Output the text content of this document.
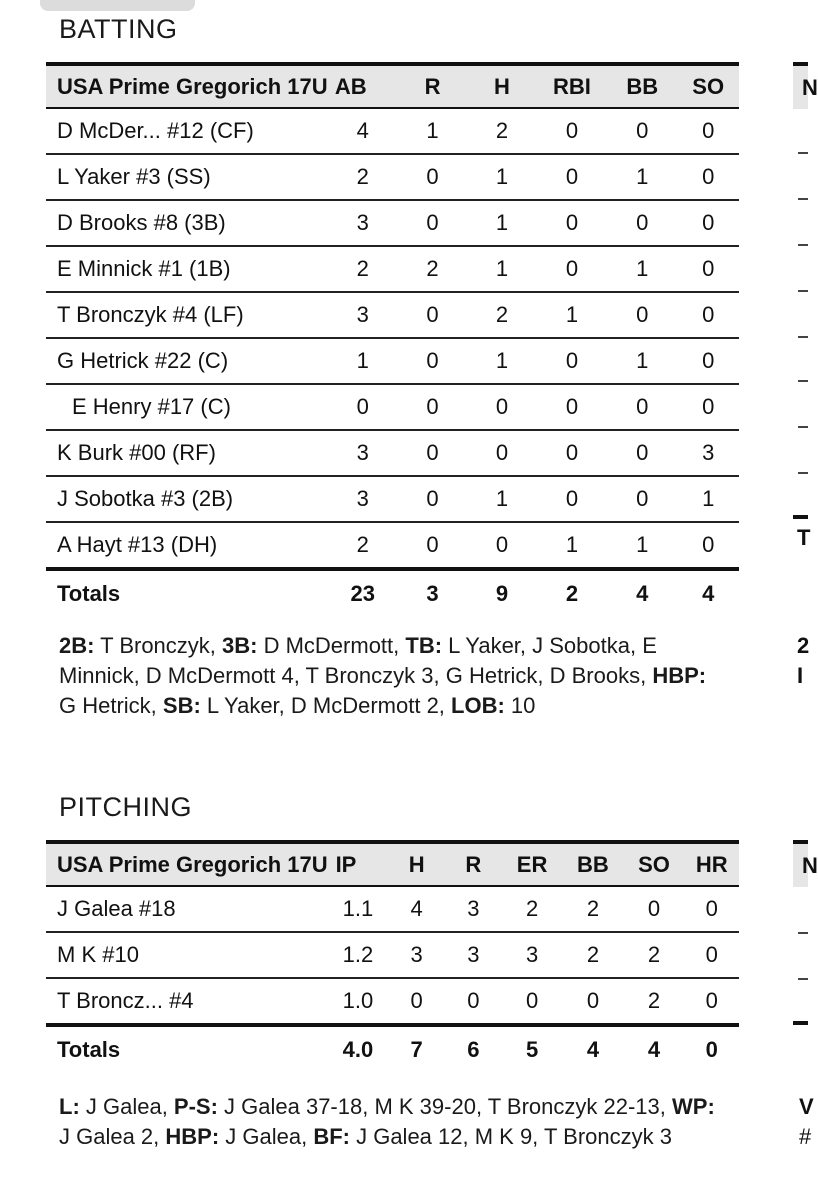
BATTING
USA Prime Gregorich 17U	AB	R	H	RBI	BB	SO
D McDer... #12 (CF)	4	1	2	0	0	0
L Yaker #3 (SS)	2	0	1	0	1	0
D Brooks #8 (3B)	3	0	1	0	0	0
E Minnick #1 (1B)	2	2	1	0	1	0
T Bronczyk #4 (LF)	3	0	2	1	0	0
G Hetrick #22 (C)	1	0	1	0	1	0
E Henry #17 (C)	0	0	0	0	0	0
K Burk #00 (RF)	3	0	0	0	0	3
J Sobotka #3 (2B)	3	0	1	0	0	1
A Hayt #13 (DH)	2	0	0	1	1	0
Totals	23	3	9	2	4	4

2B: T Bronczyk, 3B: D McDermott, TB: L Yaker, J Sobotka, E Minnick, D McDermott 4, T Bronczyk 3, G Hetrick, D Brooks, HBP: G Hetrick, SB: L Yaker, D McDermott 2, LOB: 10

PITCHING
USA Prime Gregorich 17U	IP	H	R	ER	BB	SO	HR
J Galea #18	1.1	4	3	2	2	0	0
M K #10	1.2	3	3	3	2	2	0
T Broncz... #4	1.0	0	0	0	0	2	0
Totals	4.0	7	6	5	4	4	0

L: J Galea, P-S: J Galea 37-18, M K 39-20, T Bronczyk 22-13, WP: J Galea 2, HBP: J Galea, BF: J Galea 12, M K 9, T Bronczyk 3

N
T
2
I
N
V
#
